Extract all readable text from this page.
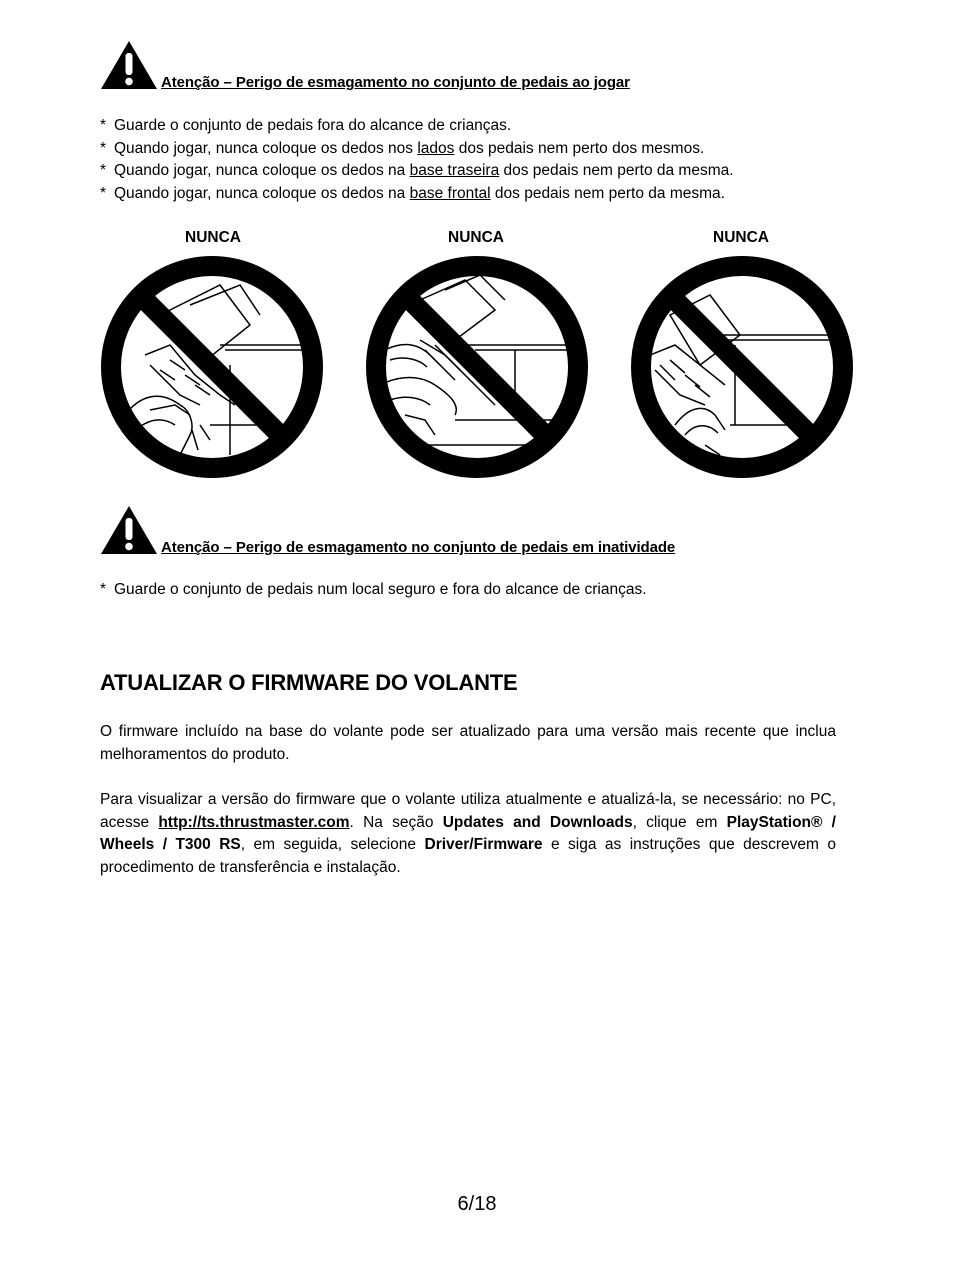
Atenção – Perigo de esmagamento no conjunto de pedais ao jogar
* Guarde o conjunto de pedais fora do alcance de crianças.
* Quando jogar, nunca coloque os dedos nos lados dos pedais nem perto dos mesmos.
* Quando jogar, nunca coloque os dedos na base traseira dos pedais nem perto da mesma.
* Quando jogar, nunca coloque os dedos na base frontal dos pedais nem perto da mesma.
NUNCA	NUNCA	NUNCA
Atenção – Perigo de esmagamento no conjunto de pedais em inatividade
* Guarde o conjunto de pedais num local seguro e fora do alcance de crianças.
ATUALIZAR O FIRMWARE DO VOLANTE

O firmware incluído na base do volante pode ser atualizado para uma versão mais recente que inclua melhoramentos do produto.

Para visualizar a versão do firmware que o volante utiliza atualmente e atualizá-la, se necessário: no PC, acesse http://ts.thrustmaster.com. Na seção Updates and Downloads, clique em PlayStation® / Wheels / T300 RS, em seguida, selecione Driver/Firmware e siga as instruções que descrevem o procedimento de transferência e instalação.

6/18
